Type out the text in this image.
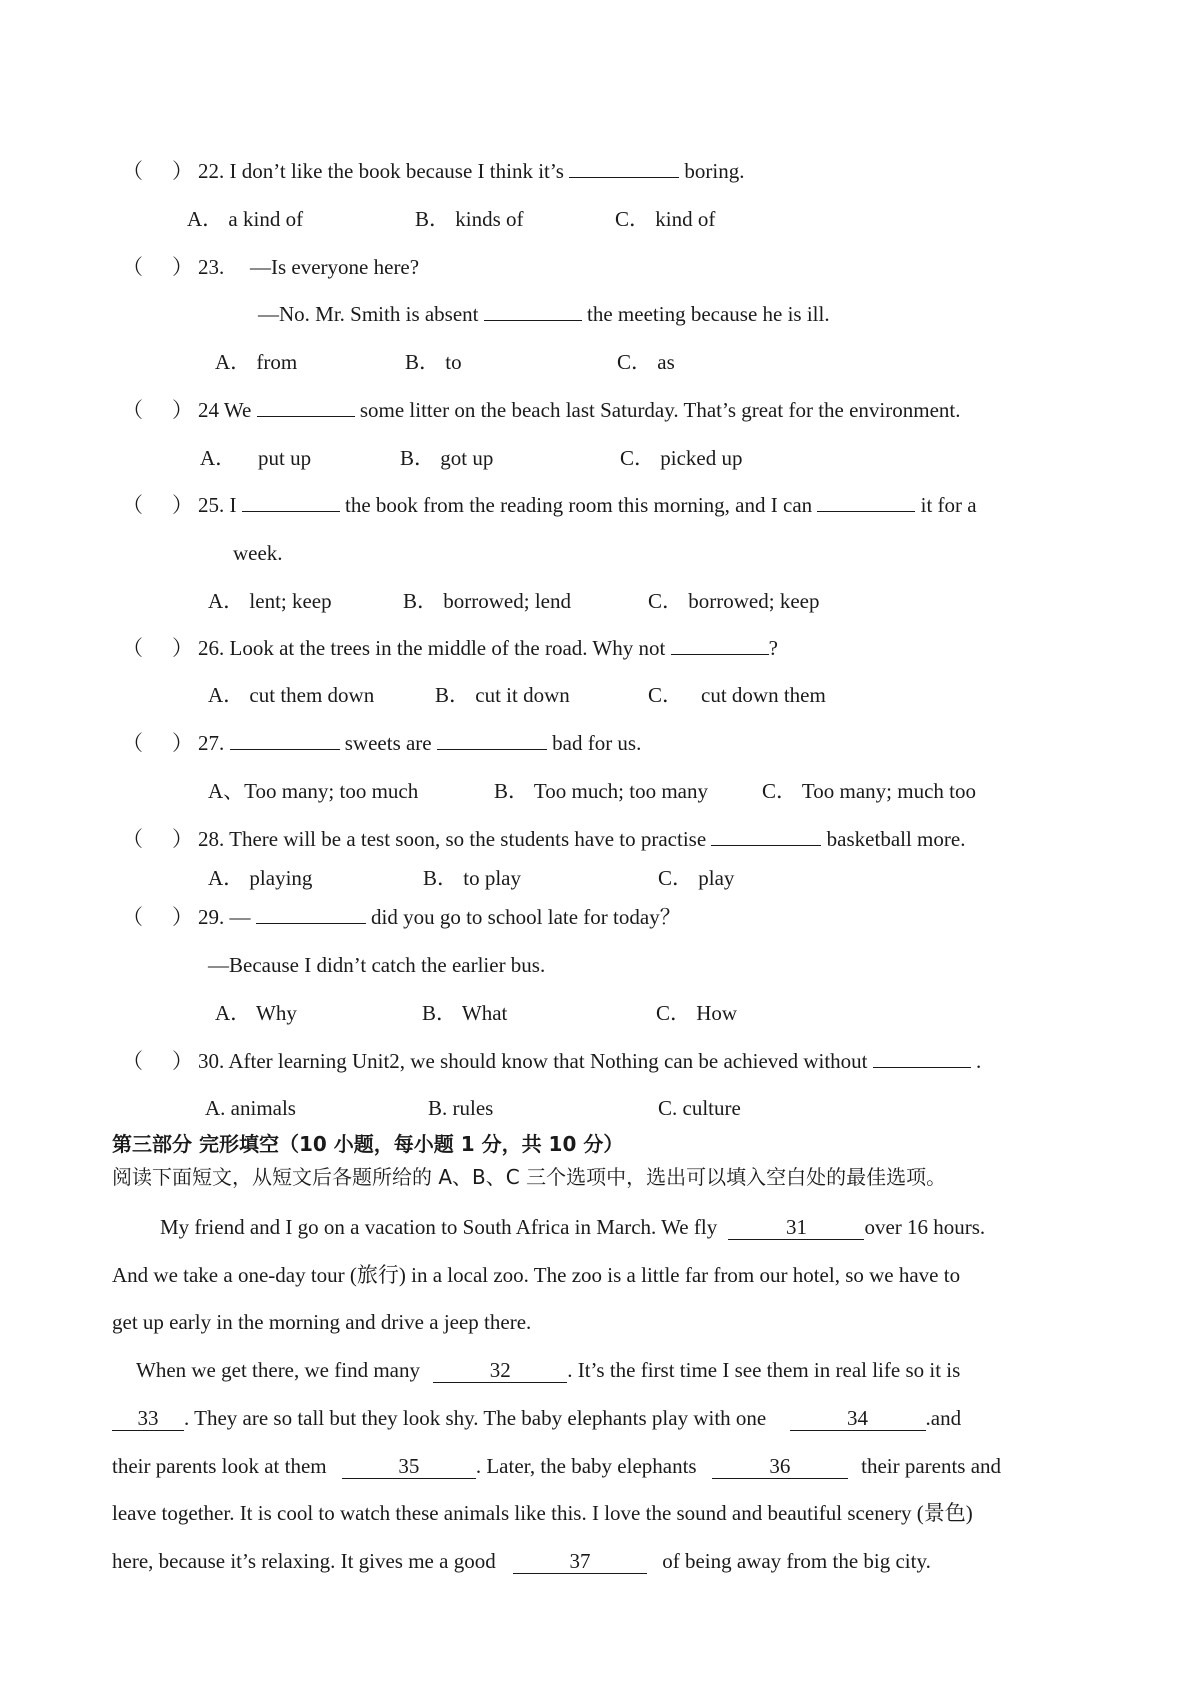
（ ） 22. I don’t like the book because I think it’s	boring.
A． a kind of	B． kinds of	C． kind of
（ ） 23. —Is everyone here?
—No. Mr. Smith is absent	the meeting because he is ill.
A． from	B． to	C． as
（ ） 24 We	some litter on the beach last Saturday. That’s great for the environment.
A． put up	B． got up	C． picked up
（ ） 25. I	the book from the reading room this morning, and I can	it for a
week.
A． lent; keep	B． borrowed; lend	C． borrowed; keep
（ ） 26. Look at the trees in the middle of the road. Why not	?
A． cut them down	B． cut it down	C． cut down them
（ ） 27.	sweets are	bad for us.
A、Too many; too much	B． Too much; too many	C． Too many; much too
（ ） 28. There will be a test soon, so the students have to practise	basketball more.
A． playing	B． to play	C． play
（ ） 29. —	did you go to school late for today？
—Because I didn’t catch the earlier bus.
A． Why	B． What	C． How
（ ） 30. After learning Unit2, we should know that Nothing can be achieved without	.
A. animals	B. rules	C. culture
第三部分 完形填空（10 小题，每小题 1 分，共 10 分）
阅读下面短文，从短文后各题所给的 A、B、C 三个选项中，选出可以填入空白处的最佳选项。
My friend and I go on a vacation to South Africa in March. We fly	31	over 16 hours.
And we take a one-day tour (旅行) in a local zoo. The zoo is a little far from our hotel, so we have to
get up early in the morning and drive a jeep there.
When we get there, we find many	32	. It’s the first time I see them in real life so it is
33 . They are so tall but they look shy. The baby elephants play with one	34	.and
their parents look at them	35	. Later, the baby elephants	36	their parents and
leave together. It is cool to watch these animals like this. I love the sound and beautiful scenery (景色)
here, because it’s relaxing. It gives me a good	37	of being away from the big city.
